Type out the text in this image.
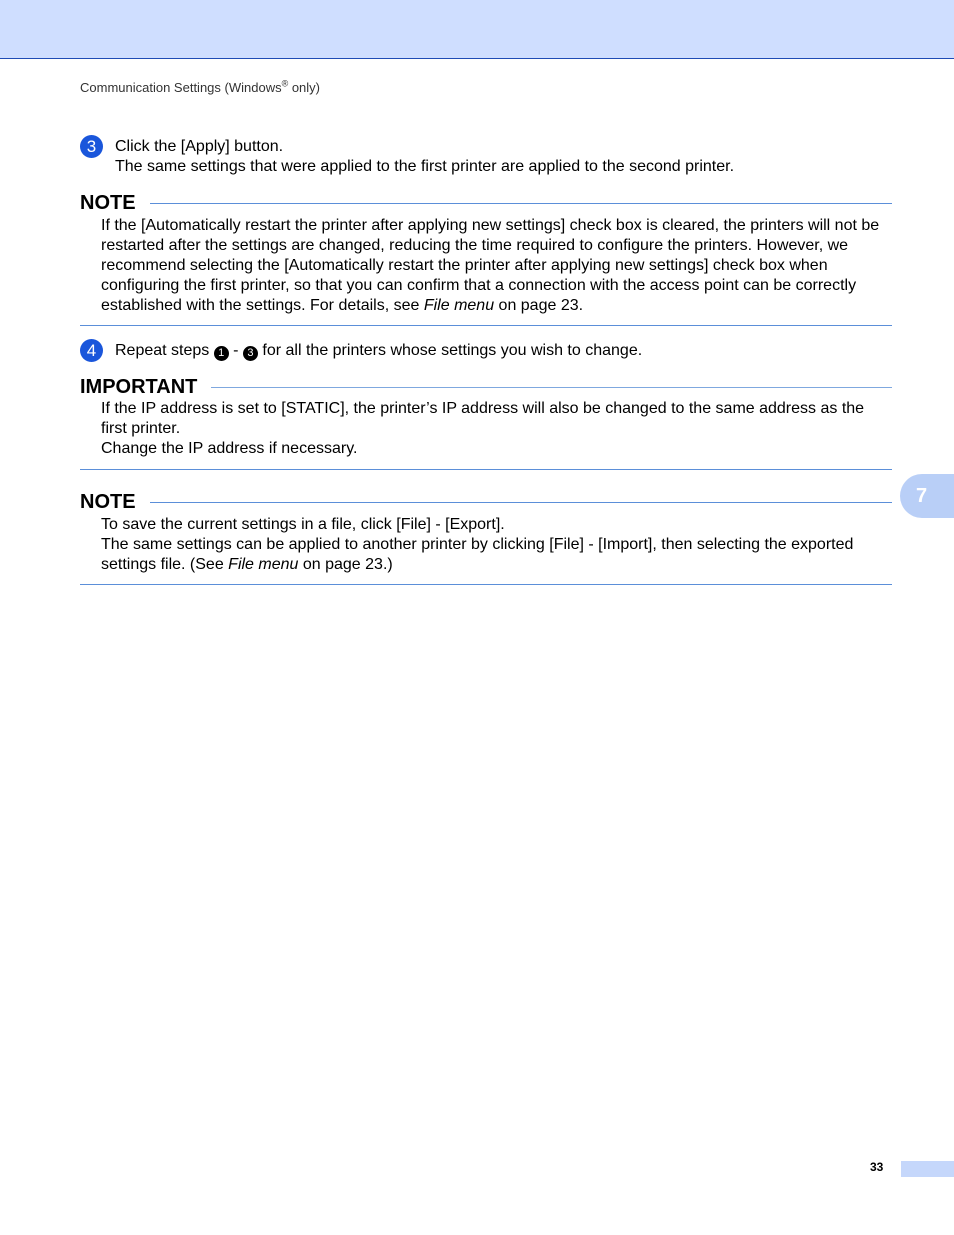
Communication Settings (Windows® only)
3	Click the [Apply] button.
The same settings that were applied to the first printer are applied to the second printer.
NOTE

If the [Automatically restart the printer after applying new settings] check box is cleared, the printers will not be restarted after the settings are changed, reducing the time required to configure the printers. However, we recommend selecting the [Automatically restart the printer after applying new settings] check box when configuring the first printer, so that you can confirm that a connection with the access point can be correctly established with the settings. For details, see File menu on page 23.

4	Repeat steps 1 - 3 for all the printers whose settings you wish to change.
IMPORTANT

If the IP address is set to [STATIC], the printer’s IP address will also be changed to the same address as the first printer.

Change the IP address if necessary.

NOTE

To save the current settings in a file, click [File] - [Export].

The same settings can be applied to another printer by clicking [File] - [Import], then selecting the exported settings file. (See File menu on page 23.)

7
33
